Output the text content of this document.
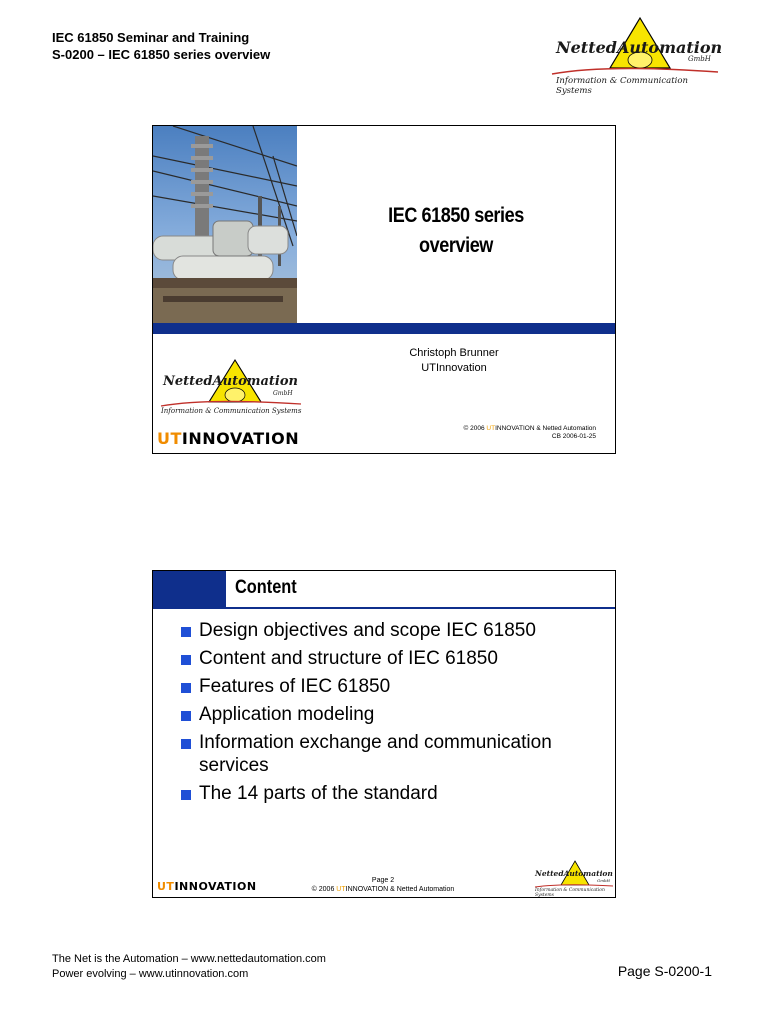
IEC 61850 Seminar and Training
S-0200 – IEC 61850 series overview	NettedAutomation
GmbH
Information & Communication Systems
IEC 61850 series
overview
Christoph Brunner
UTInnovation
NettedAutomation
GmbH
Information & Communication Systems
UTINNOVATION
© 2006 UTINNOVATION & Netted Automation
CB 2006-01-25
Content
Design objectives and scope IEC 61850
Content and structure of IEC 61850
Features of IEC 61850
Application modeling
Information exchange and communication services
The 14 parts of the standard
UTINNOVATION	Page 2
© 2006 UTINNOVATION & Netted Automation
NettedAutomation
GmbH
Information & Communication Systems
The Net is the Automation – www.nettedautomation.com
Power evolving – www.utinnovation.com	Page S-0200-1
